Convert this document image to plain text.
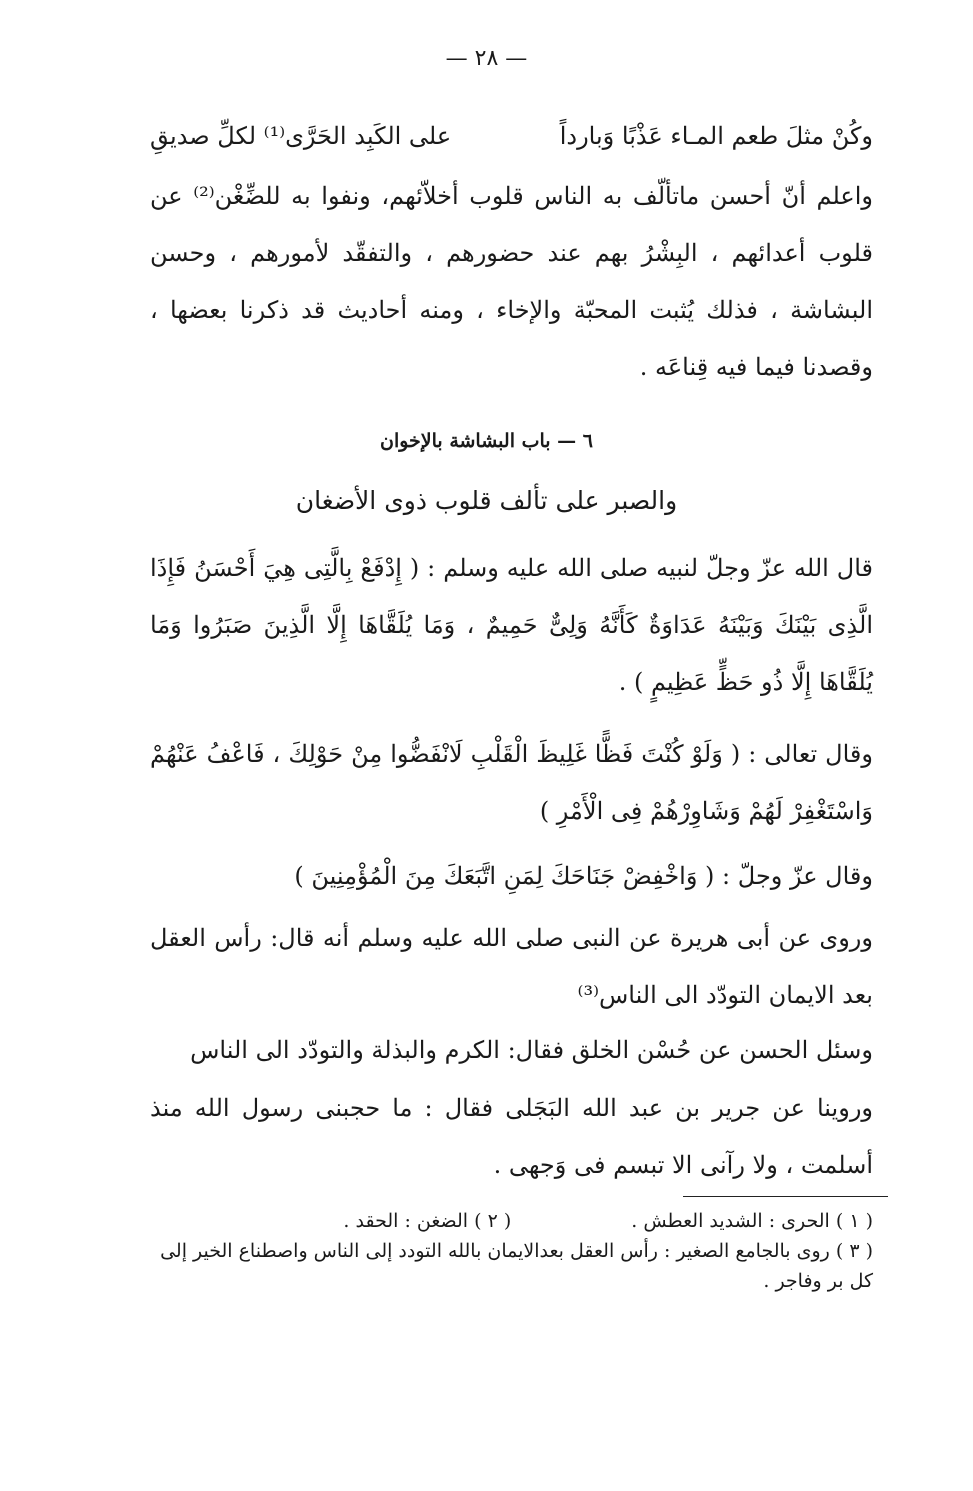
— ٢٨ —
وكُنْ مثلَ طعم المـاء عَذْبًا وَبارداً
على الكَبِد الحَرَّى⁽¹⁾ لكلِّ صديقِ
واعلم أنّ أحسن ماتألّف به الناس قلوب أخلاّئهم، ونفوا به للضِّغْن⁽²⁾ عن قلوب أعدائهم ، البِشْرُ بهم عند حضورهم ، والتفقّد لأمورهم ، وحسن البشاشة ، فذلك يُثبت المحبّة والإخاء ، ومنه أحاديث قد ذكرنا بعضها ، وقصدنا فيما فيه قِناعَه .
٦ — باب البشاشة بالإخوان
والصبر على تألف قلوب ذوى الأضغان
قال الله عزّ وجلّ لنبيه صلى الله عليه وسلم : ( إِدْفَعْ بِالَّتِى هِيَ أَحْسَنُ فَإِذَا الَّذِى بَيْنَكَ وَبَيْنَهُ عَدَاوَةٌ كَأَنَّهُ وَلِىٌّ حَمِيمٌ ، وَمَا يُلَقَّاهَا إِلَّا الَّذِينَ صَبَرُوا وَمَا يُلَقَّاهَا إِلَّا ذُو حَظٍّ عَظِيمٍ ) .
وقال تعالى : ( وَلَوْ كُنْتَ فَظًّا غَلِيظَ الْقَلْبِ لَانْفَضُّوا مِنْ حَوْلِكَ ، فَاعْفُ عَنْهُمْ وَاسْتَغْفِرْ لَهُمْ وَشَاوِرْهُمْ فِى الْأَمْرِ )
وقال عزّ وجلّ : ( وَاخْفِضْ جَنَاحَكَ لِمَنِ اتَّبَعَكَ مِنَ الْمُؤْمِنِينَ )
وروى عن أبى هريرة عن النبى صلى الله عليه وسلم أنه قال: رأس العقل بعد الايمان التودّد الى الناس⁽³⁾
وسئل الحسن عن حُسْن الخلق فقال: الكرم والبذلة والتودّد الى الناس
وروينا عن جرير بن عبد الله البَجَلى فقال : ما حجبنى رسول الله منذ أسلمت ، ولا رآنى الا تبسم فى وَجهى .
( ١ ) الحرى : الشديد العطش .
( ٢ ) الضغن : الحقد .
( ٣ ) روى بالجامع الصغير : رأس العقل بعدالايمان بالله التودد إلى الناس واصطناع الخير إلى كل بر وفاجر .
